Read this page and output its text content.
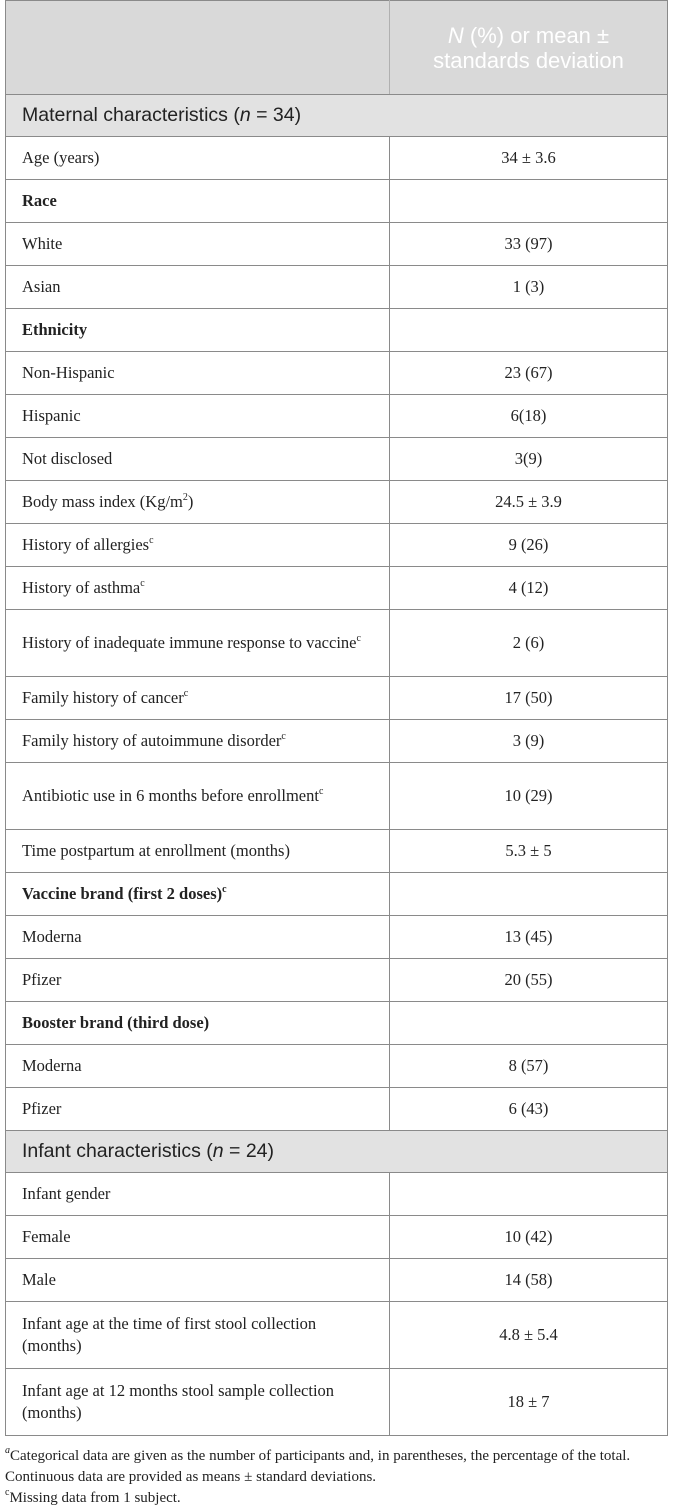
	N (%) or mean ±
standards deviation
Maternal characteristics (n = 34)	
Age (years)	34 ± 3.6
Race	
White	33 (97)
Asian	1 (3)
Ethnicity	
Non-Hispanic	23 (67)
Hispanic	6(18)
Not disclosed	3(9)
Body mass index $(Kg/m^2)$	24.5 ± 3.9
History of allergies$^c$	9 (26)
History of asthma$^c$	4 (12)
History of inadequate immune response to vaccine$^c$	2 (6)
Family history of cancer$^c$	17 (50)
Family history of autoimmune disorder$^c$	3 (9)
Antibiotic use in 6 months before enrollment$^c$	10 (29)
Time postpartum at enrollment (months)	5.3 ± 5
Vaccine brand (first 2 doses)$^c$	
Moderna	13 (45)
Pfizer	20 (55)
Booster brand (third dose)	
Moderna	8 (57)
Pfizer	6 (43)
Infant characteristics (n = 24)	
Infant gender	
Female	10 (42)
Male	14 (58)
Infant age at the time of first stool collection (months)	4.8 ± 5.4
Infant age at 12 months stool sample collection (months)	18 ± 7

$^a$Categorical data are given as the number of participants and, in parentheses, the percentage of the total. Continuous data are provided as means ± standard deviations.

$^c$Missing data from 1 subject.
